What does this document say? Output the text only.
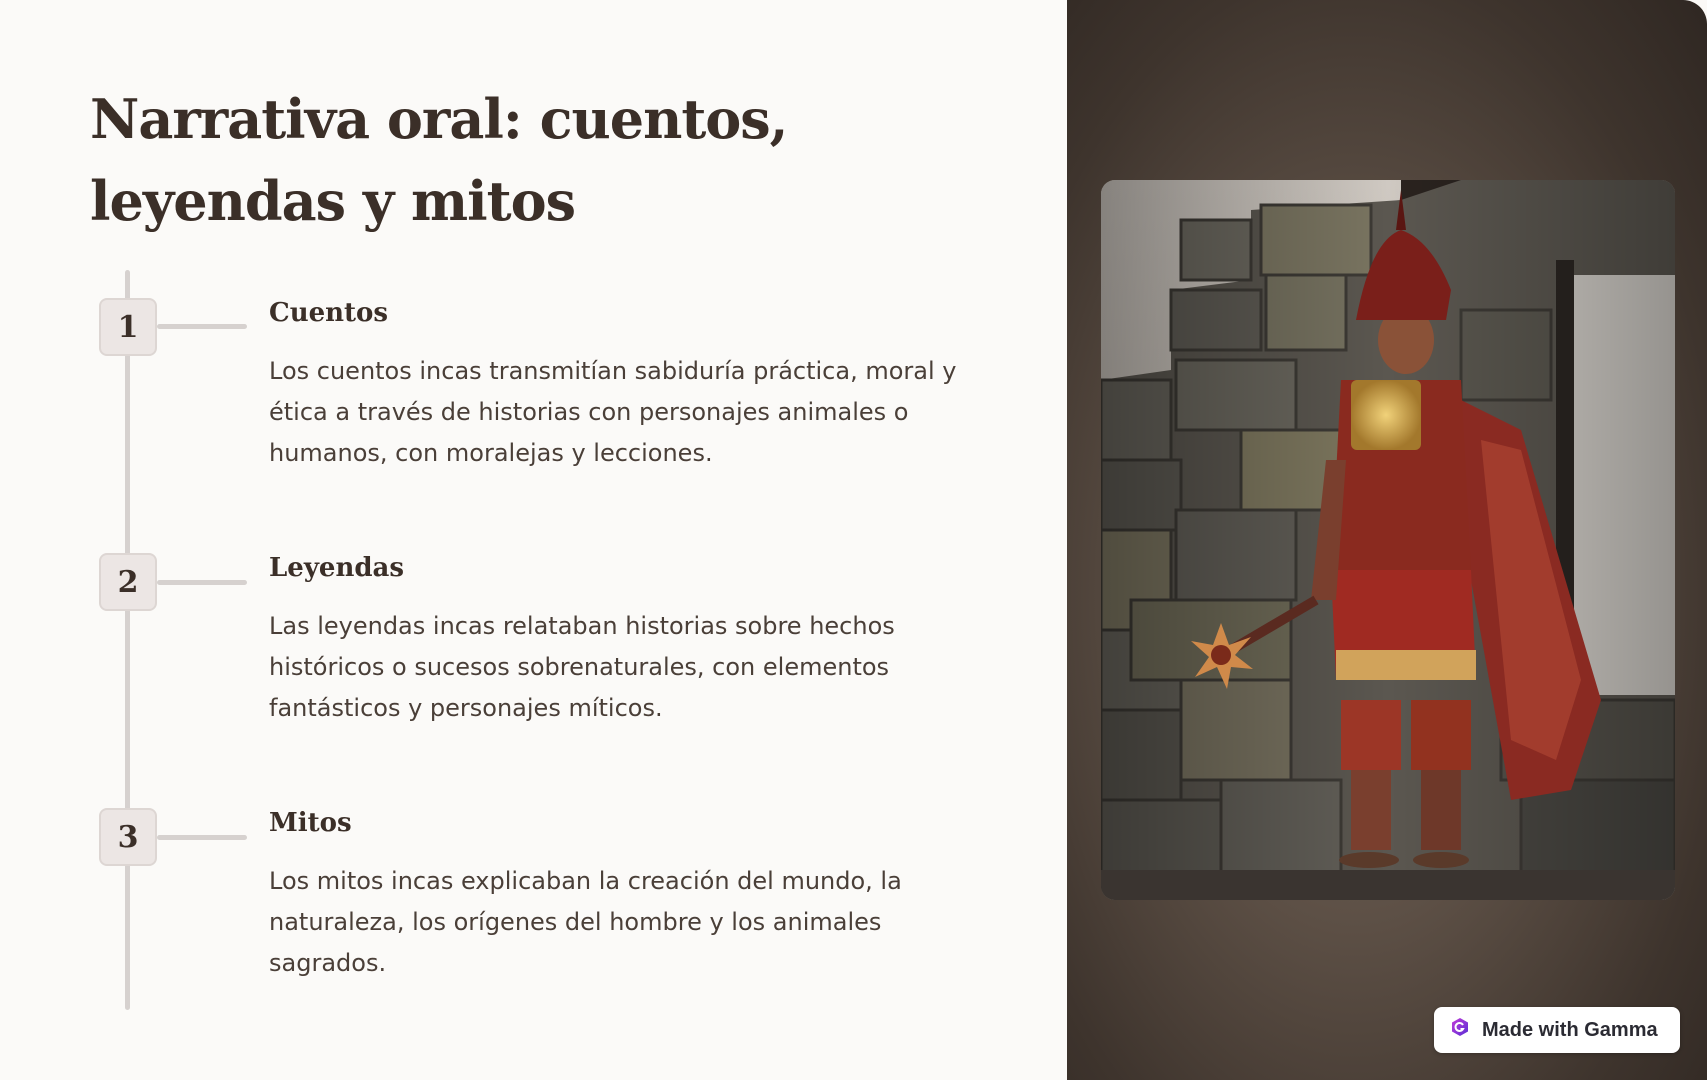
Narrativa oral: cuentos, leyendas y mitos
1	Cuentos
Los cuentos incas transmitían sabiduría práctica, moral y ética a través de historias con personajes animales o humanos, con moralejas y lecciones.
2	Leyendas
Las leyendas incas relataban historias sobre hechos históricos o sucesos sobrenaturales, con elementos fantásticos y personajes míticos.
3	Mitos
Los mitos incas explicaban la creación del mundo, la naturaleza, los orígenes del hombre y los animales sagrados.
Made with Gamma
